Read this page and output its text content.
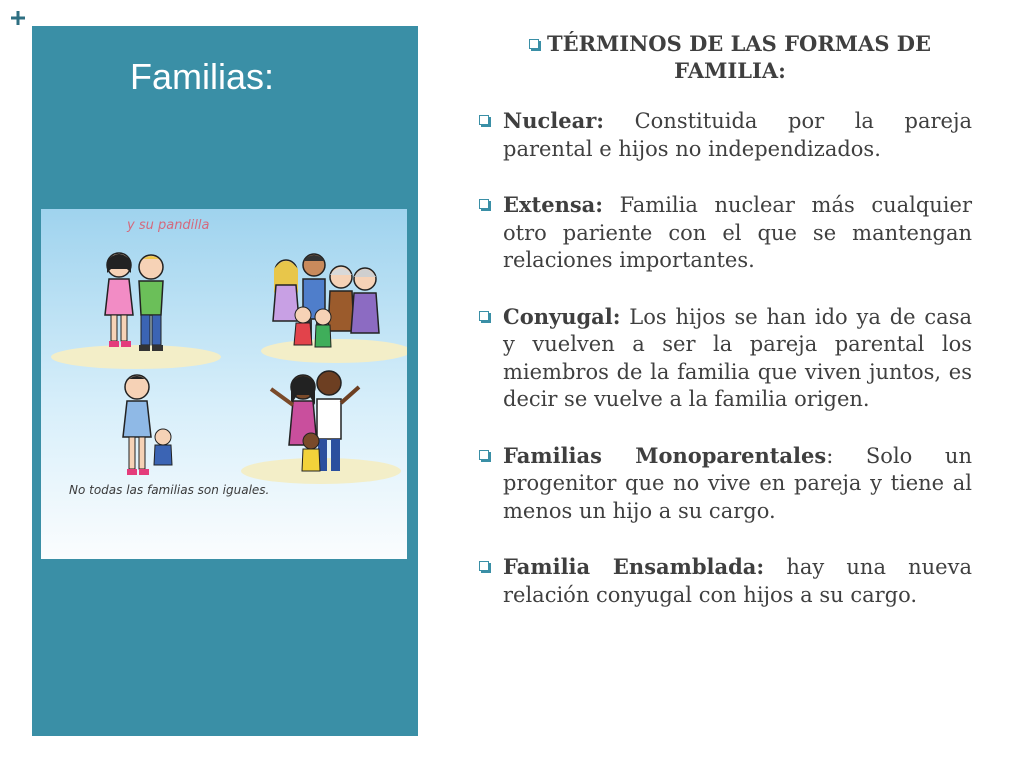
Familias:
y su pandilla
No todas las familias son iguales.
TÉRMINOS DE LAS FORMAS DE FAMILIA:
Nuclear: Constituida por la pareja parental e hijos no independizados.
Extensa: Familia nuclear más cualquier otro pariente con el que se mantengan relaciones importantes.
Conyugal: Los hijos se han ido ya de casa y vuelven a ser la pareja parental los miembros de la familia que viven juntos, es decir se vuelve a la familia origen.
Familias Monoparentales: Solo un progenitor que no vive en pareja y tiene al menos un hijo a su cargo.
Familia Ensamblada: hay una nueva relación conyugal con hijos a su cargo.
